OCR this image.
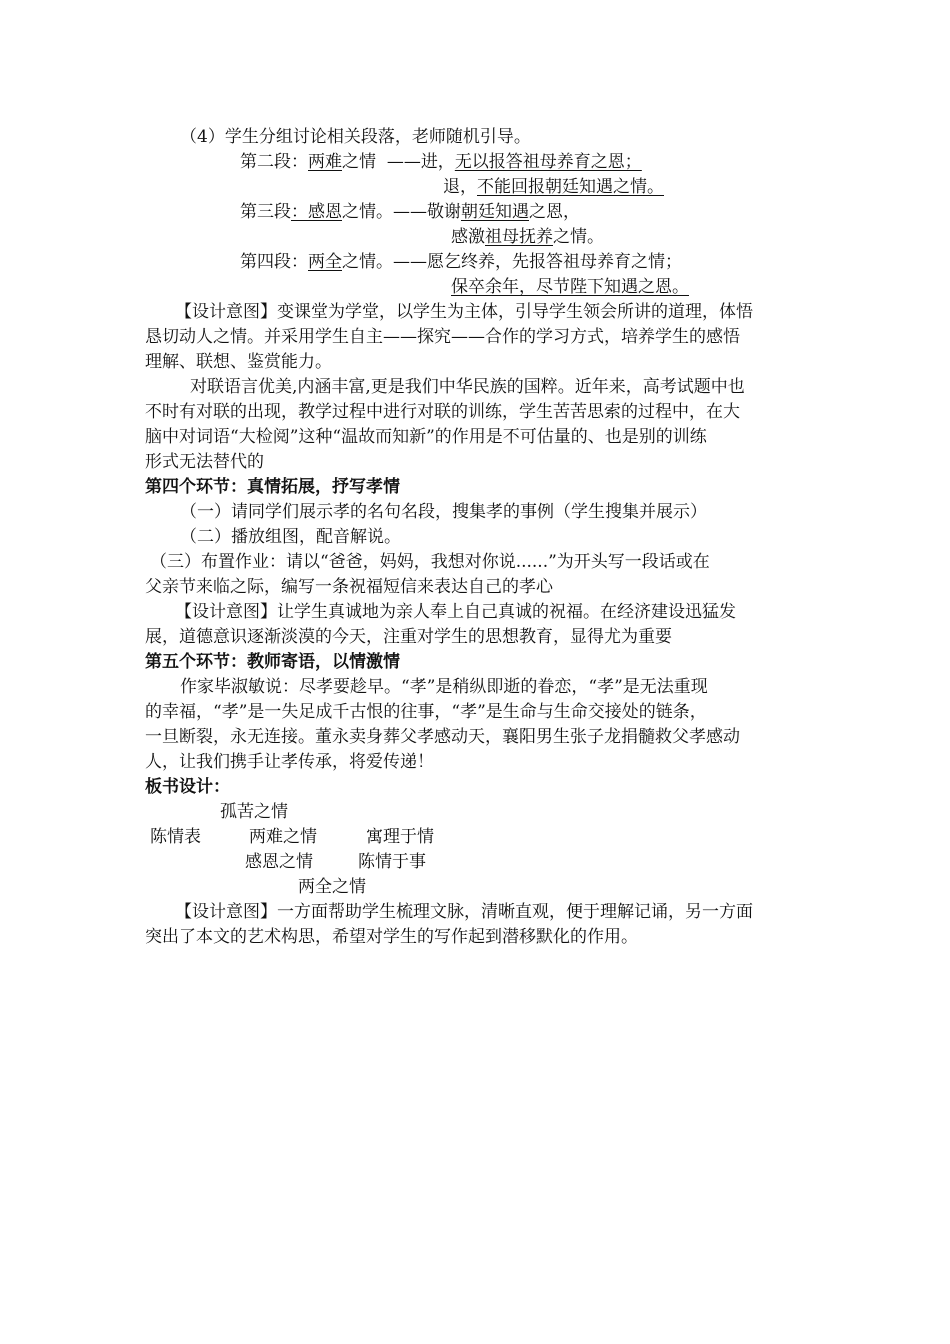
（4）学生分组讨论相关段落，老师随机引导。
第二段：两难之情 ——进，无以报答祖母养育之恩；
退，不能回报朝廷知遇之情。
第三段：感恩之情。——敬谢朝廷知遇之恩，
感激祖母抚养之情。
第四段：两全之情。——愿乞终养，先报答祖母养育之情；
保卒余年，尽节陛下知遇之恩。
【设计意图】变课堂为学堂，以学生为主体，引导学生领会所讲的道理，体悟
恳切动人之情。并采用学生自主——探究——合作的学习方式，培养学生的感悟
理解、联想、鉴赏能力。
对联语言优美,内涵丰富,更是我们中华民族的国粹。近年来，高考试题中也
不时有对联的出现，教学过程中进行对联的训练，学生苦苦思索的过程中，在大
脑中对词语“大检阅”这种“温故而知新”的作用是不可估量的、也是别的训练
形式无法替代的
第四个环节：真情拓展，抒写孝情
（一）请同学们展示孝的名句名段，搜集孝的事例（学生搜集并展示）
（二）播放组图，配音解说。
（三）布置作业：请以“爸爸，妈妈，我想对你说......”为开头写一段话或在
父亲节来临之际，编写一条祝福短信来表达自己的孝心
【设计意图】让学生真诚地为亲人奉上自己真诚的祝福。在经济建设迅猛发
展，道德意识逐渐淡漠的今天，注重对学生的思想教育，显得尤为重要
第五个环节：教师寄语，以情激情
作家毕淑敏说：尽孝要趁早。“孝”是稍纵即逝的眷恋，“孝”是无法重现
的幸福，“孝”是一失足成千古恨的往事，“孝”是生命与生命交接处的链条，
一旦断裂，永无连接。董永卖身葬父孝感动天，襄阳男生张子龙捐髓救父孝感动
人，让我们携手让孝传承，将爱传递！
板书设计：
孤苦之情
陈情表	两难之情	寓理于情
感恩之情	陈情于事
两全之情
【设计意图】一方面帮助学生梳理文脉，清晰直观，便于理解记诵，另一方面
突出了本文的艺术构思，希望对学生的写作起到潜移默化的作用。
